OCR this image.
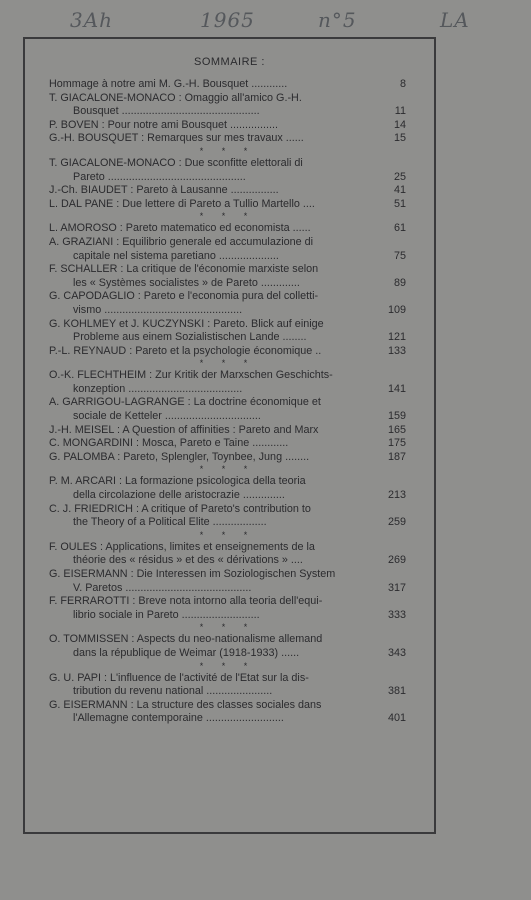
3Ah	1965	n°5	LA
SOMMAIRE :
Hommage à notre ami M. G.-H. Bousquet ............	8
T. GIACALONE-MONACO : Omaggio all'amico G.-H.
Bousquet ..............................................	11
P. BOVEN : Pour notre ami Bousquet ................	14
G.-H. BOUSQUET : Remarques sur mes travaux ......	15
* * *
T. GIACALONE-MONACO : Due sconfitte elettorali di
Pareto ..............................................	25
J.-Ch. BIAUDET : Pareto à Lausanne ................	41
L. DAL PANE : Due lettere di Pareto a Tullio Martello ....	51
* * *
L. AMOROSO : Pareto matematico ed economista ......	61
A. GRAZIANI : Equilibrio generale ed accumulazione di
capitale nel sistema paretiano ....................	75
F. SCHALLER : La critique de l'économie marxiste selon
les « Systèmes socialistes » de Pareto .............	89
G. CAPODAGLIO : Pareto e l'economia pura del colletti-
vismo ..............................................	109
G. KOHLMEY et J. KUCZYNSKI : Pareto. Blick auf einige
Probleme aus einem Sozialistischen Lande ........	121
P.-L. REYNAUD : Pareto et la psychologie économique ..	133
* * *
O.-K. FLECHTHEIM : Zur Kritik der Marxschen Geschichts-
konzeption ......................................	141
A. GARRIGOU-LAGRANGE : La doctrine économique et
sociale de Ketteler ................................	159
J.-H. MEISEL : A Question of affinities : Pareto and Marx	165
C. MONGARDINI : Mosca, Pareto e Taine ............	175
G. PALOMBA : Pareto, Splengler, Toynbee, Jung ........	187
* * *
P. M. ARCARI : La formazione psicologica della teoria
della circolazione delle aristocrazie ..............	213
C. J. FRIEDRICH : A critique of Pareto's contribution to
the Theory of a Political Elite ..................	259
* * *
F. OULES : Applications, limites et enseignements de la
théorie des « résidus » et des « dérivations » ....	269
G. EISERMANN : Die Interessen im Soziologischen System
V. Paretos ..........................................	317
F. FERRAROTTI : Breve nota intorno alla teoria dell'equi-
librio sociale in Pareto ..........................	333
* * *
O. TOMMISSEN : Aspects du neo-nationalisme allemand
dans la république de Weimar (1918-1933) ......	343
* * *
G. U. PAPI : L'influence de l'activité de l'Etat sur la dis-
tribution du revenu national ......................	381
G. EISERMANN : La structure des classes sociales dans
l'Allemagne contemporaine ..........................	401
